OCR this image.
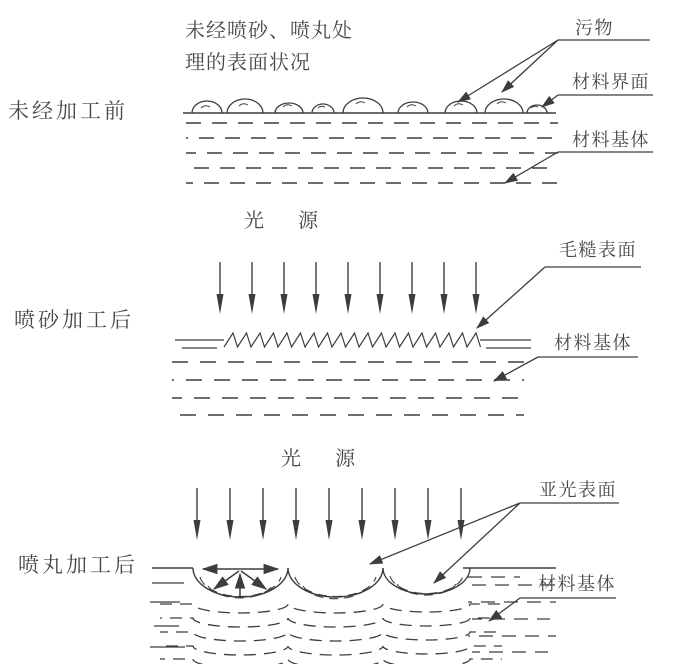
未经喷砂、喷丸处
理的表面状况
未经加工前
喷砂加工后
喷丸加工后
光  源
光  源
污物
材料界面
材料基体
毛糙表面
材料基体
亚光表面
材料基体
